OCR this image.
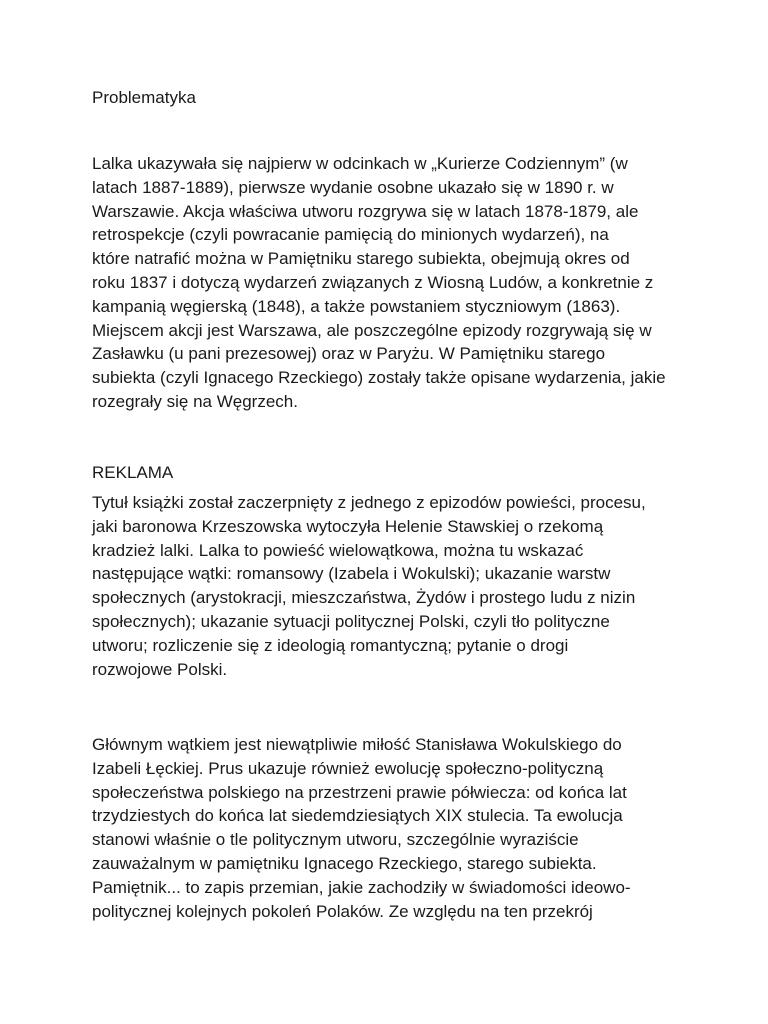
Problematyka
Lalka ukazywała się najpierw w odcinkach w „Kurierze Codziennym” (w
latach 1887-1889), pierwsze wydanie osobne ukazało się w 1890 r. w
Warszawie. Akcja właściwa utworu rozgrywa się w latach 1878-1879, ale
retrospekcje (czyli powracanie pamięcią do minionych wydarzeń), na
które natrafić można w Pamiętniku starego subiekta, obejmują okres od
roku 1837 i dotyczą wydarzeń związanych z Wiosną Ludów, a konkretnie z
kampanią węgierską (1848), a także powstaniem styczniowym (1863).
Miejscem akcji jest Warszawa, ale poszczególne epizody rozgrywają się w
Zasławku (u pani prezesowej) oraz w Paryżu. W Pamiętniku starego
subiekta (czyli Ignacego Rzeckiego) zostały także opisane wydarzenia, jakie
rozegrały się na Węgrzech.
REKLAMA
Tytuł książki został zaczerpnięty z jednego z epizodów powieści, procesu,
jaki baronowa Krzeszowska wytoczyła Helenie Stawskiej o rzekomą
kradzież lalki. Lalka to powieść wielowątkowa, można tu wskazać
następujące wątki: romansowy (Izabela i Wokulski); ukazanie warstw
społecznych (arystokracji, mieszczaństwa, Żydów i prostego ludu z nizin
społecznych); ukazanie sytuacji politycznej Polski, czyli tło polityczne
utworu; rozliczenie się z ideologią romantyczną; pytanie o drogi
rozwojowe Polski.
Głównym wątkiem jest niewątpliwie miłość Stanisława Wokulskiego do
Izabeli Łęckiej. Prus ukazuje również ewolucję społeczno-polityczną
społeczeństwa polskiego na przestrzeni prawie półwiecza: od końca lat
trzydziestych do końca lat siedemdziesiątych XIX stulecia. Ta ewolucja
stanowi właśnie o tle politycznym utworu, szczególnie wyraziście
zauważalnym w pamiętniku Ignacego Rzeckiego, starego subiekta.
Pamiętnik... to zapis przemian, jakie zachodziły w świadomości ideowo-
politycznej kolejnych pokoleń Polaków. Ze względu na ten przekrój
